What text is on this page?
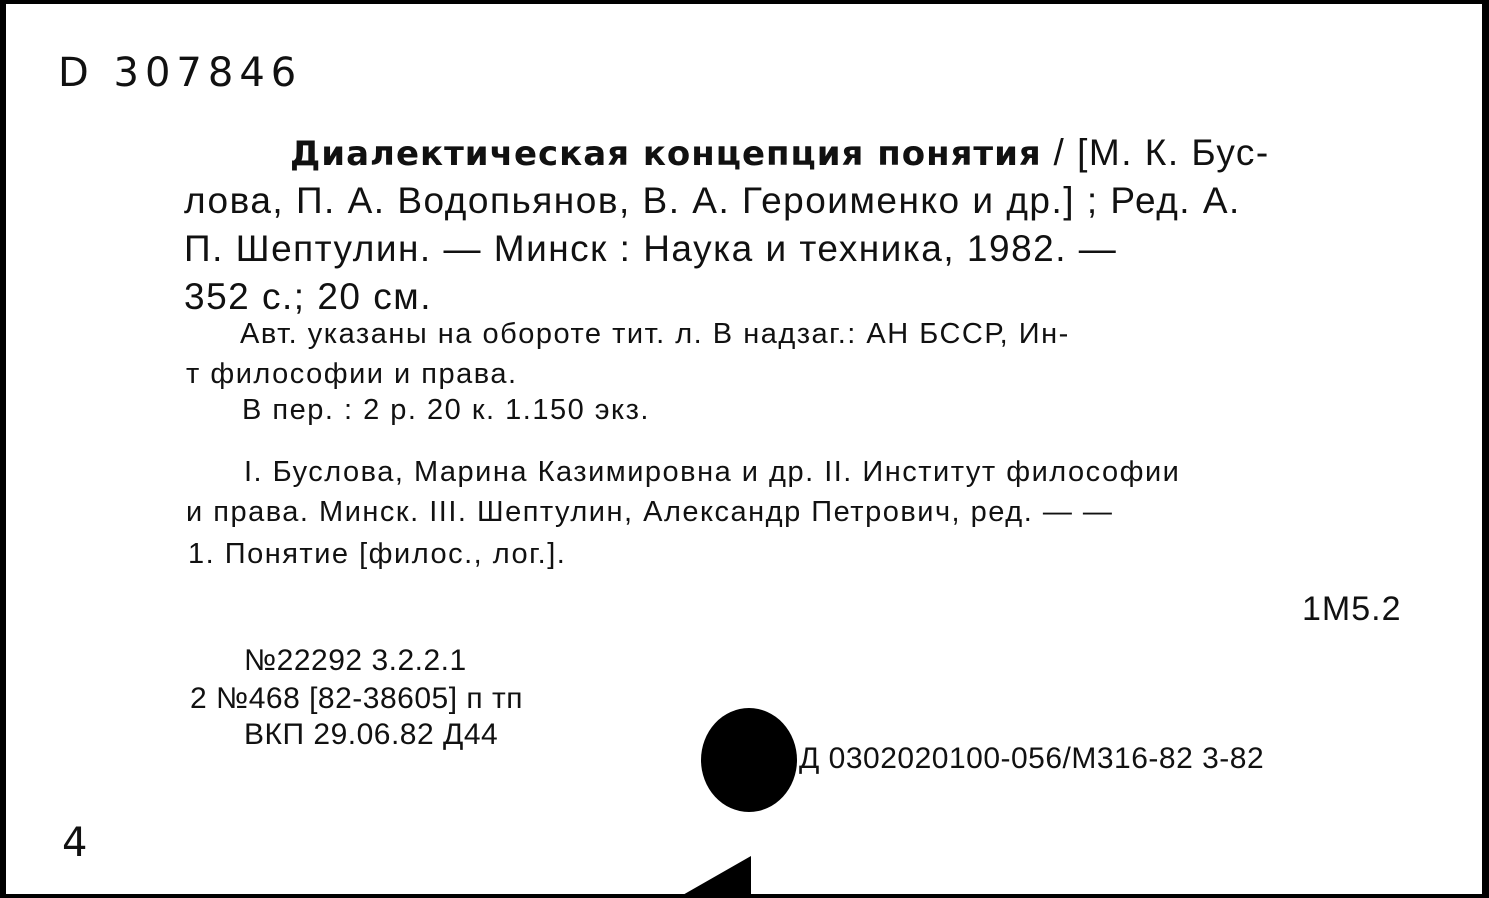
D 307846
Диалектическая концепция понятия / [М. К. Бус-
лова, П. А. Водопьянов, В. А. Героименко и др.] ; Ред. А.
П. Шептулин. — Минск : Наука и техника, 1982. —
352 с.; 20 см.
Авт. указаны на обороте тит. л. В надзаг.: АН БССР, Ин-
т философии и права.
В пер. : 2 р. 20 к. 1.150 экз.
I. Буслова, Марина Казимировна и др. II. Институт философии
и права. Минск. III. Шептулин, Александр Петрович, ред. — —
1. Понятие [филос., лог.].
1М5.2
№22292 3.2.2.1
2 №468 [82-38605] п тп
ВКП 29.06.82 Д44
Д 0302020100-056/М316-82 3-82
4
